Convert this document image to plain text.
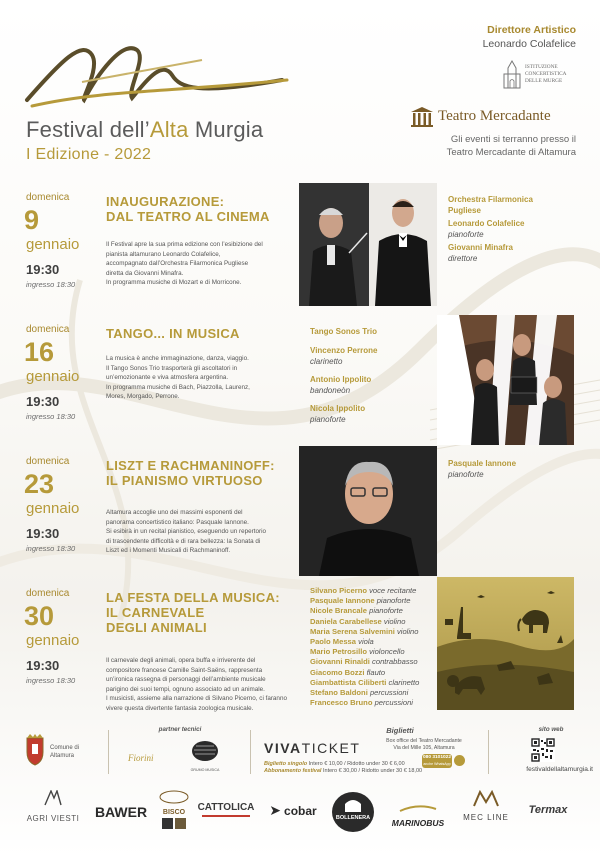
Festival dell’Alta Murgia
I Edizione - 2022
Direttore Artistico
Leonardo Colafelice
ISTITUZIONE
CONCERTISTICA
DELLE MURGE
Teatro Mercadante
Gli eventi si terranno presso il
Teatro Mercadante di Altamura
domenica
9
gennaio
19:30
ingresso 18:30
INAUGURAZIONE:
DAL TEATRO AL CINEMA
Il Festival apre la sua prima edizione con l’esibizione del
pianista altamurano Leonardo Colafelice,
accompagnato dall’Orchestra Filarmonica Pugliese
diretta da Giovanni Minafra.
In programma musiche di Mozart e di Morricone.
Orchestra Filarmonica Pugliese
Leonardo Colafelice
pianoforte
Giovanni Minafra
direttore
domenica
16
gennaio
19:30
ingresso 18:30
TANGO... IN MUSICA
La musica è anche immaginazione, danza, viaggio.
Il Tango Sonos Trio trasporterà gli ascoltatori in
un’emozionante e viva atmosfera argentina.
In programma musiche di Bach, Piazzolla, Laurenz,
Mores, Morgado, Perrone.
Tango Sonos Trio
Vincenzo Perrone
clarinetto
Antonio Ippolito
bandoneòn
Nicola Ippolito
pianoforte
domenica
23
gennaio
19:30
ingresso 18:30
LISZT E RACHMANINOFF:
IL PIANISMO VIRTUOSO
Altamura accoglie uno dei massimi esponenti del
panorama concertistico italiano: Pasquale Iannone.
Si esibirà in un recital pianistico, eseguendo un repertorio
di trascendente difficoltà e di rara bellezza: la Sonata di
Liszt ed i Momenti Musicali di Rachmaninoff.
Pasquale Iannone
pianoforte
domenica
30
gennaio
19:30
ingresso 18:30
LA FESTA DELLA MUSICA:
IL CARNEVALE
DEGLI ANIMALI
Il carnevale degli animali, opera buffa e irriverente del
compositore francese Camille Saint-Saëns, rappresenta
un’ironica rassegna di personaggi dell’ambiente musicale
parigino dei suoi tempi, ognuno associato ad un animale.
I musicisti, assieme alla narrazione di Silvano Picerno, ci faranno
vivere questa divertente fantasia zoologica musicale.
Silvano Picerno voce recitante
Pasquale Iannone pianoforte
Nicole Brancale pianoforte
Daniela Carabellese violino
Maria Serena Salvemini violino
Paolo Messa viola
Mario Petrosillo violoncello
Giovanni Rinaldi contrabbasso
Giacomo Bozzi flauto
Giambattista Ciliberti clarinetto
Stefano Baldoni percussioni
Francesco Bruno percussioni
Comune di
Altamura
partner tecnici
Fiorini
GRUMO MUSICA
Biglietti
VIVATICKET
Biglietto singolo Intero € 10,00 / Ridotto under 30 € 6,00
Abbonamento festival Intero € 30,00 / Ridotto under 30 € 18,00
Box office del Teatro Mercadante
Via del Mille 105, Altamura
080 3101022
anche WhatsApp
sito web
festivaldellaltamurgia.it
AGRI VIESTI	BAWER	BISCO	CATTOLICA	➤ cobar	BOLLENERA	MARINOBUS
MEC LINE
Termax
